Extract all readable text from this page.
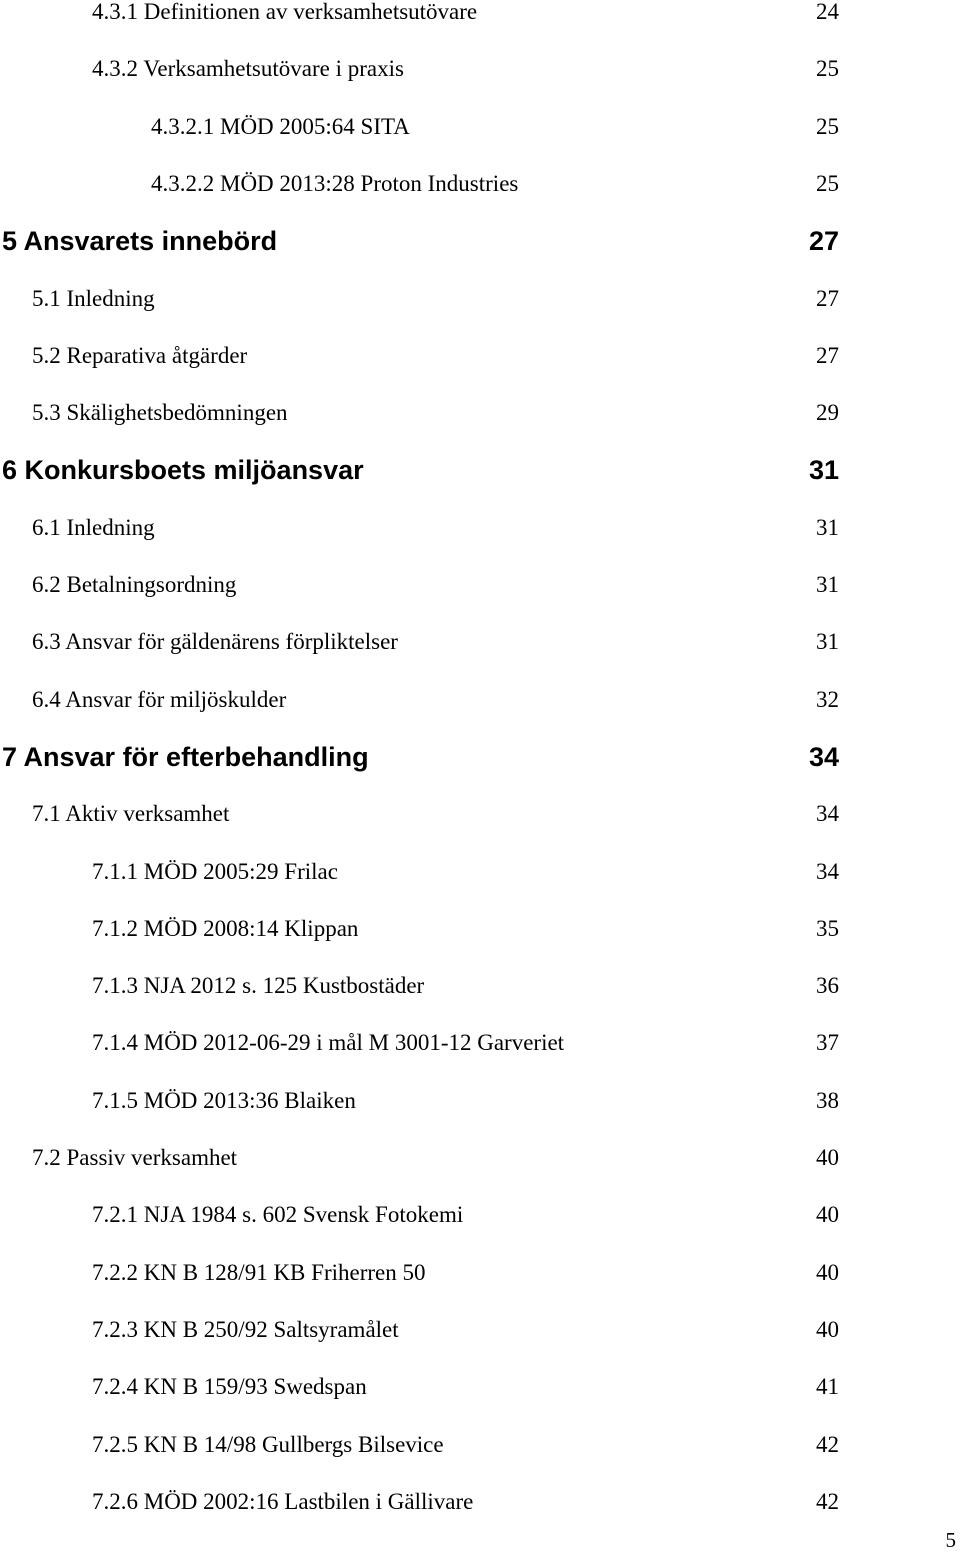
4.3.1 Definitionen av verksamhetsutövare	24
4.3.2 Verksamhetsutövare i praxis	25
4.3.2.1 MÖD 2005:64 SITA	25
4.3.2.2 MÖD 2013:28 Proton Industries	25
5 Ansvarets innebörd	27
5.1 Inledning	27
5.2 Reparativa åtgärder	27
5.3 Skälighetsbedömningen	29
6 Konkursboets miljöansvar	31
6.1 Inledning	31
6.2 Betalningsordning	31
6.3 Ansvar för gäldenärens förpliktelser	31
6.4 Ansvar för miljöskulder	32
7 Ansvar för efterbehandling	34
7.1 Aktiv verksamhet	34
7.1.1 MÖD 2005:29 Frilac	34
7.1.2 MÖD 2008:14 Klippan	35
7.1.3 NJA 2012 s. 125 Kustbostäder	36
7.1.4 MÖD 2012-06-29 i mål M 3001-12 Garveriet	37
7.1.5 MÖD 2013:36 Blaiken	38
7.2 Passiv verksamhet	40
7.2.1 NJA 1984 s. 602 Svensk Fotokemi	40
7.2.2 KN B 128/91 KB Friherren 50	40
7.2.3 KN B 250/92 Saltsyramålet	40
7.2.4 KN B 159/93 Swedspan	41
7.2.5 KN B 14/98 Gullbergs Bilsevice	42
7.2.6 MÖD 2002:16 Lastbilen i Gällivare	42
5
